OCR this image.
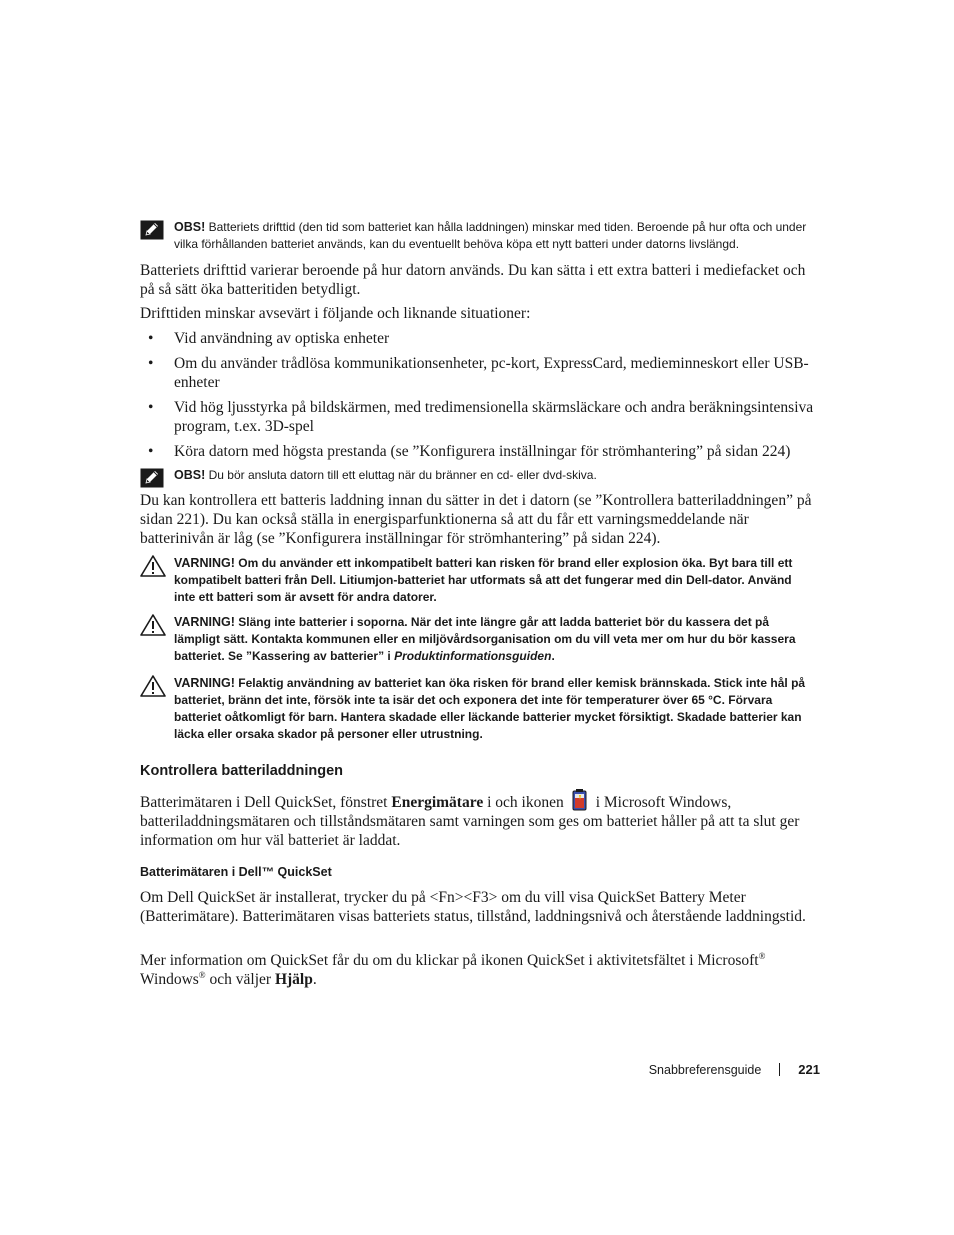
OBS! Batteriets drifttid (den tid som batteriet kan hålla laddningen) minskar med tiden. Beroende på hur ofta och under vilka förhållanden batteriet används, kan du eventuellt behöva köpa ett nytt batteri under datorns livslängd.
Batteriets drifttid varierar beroende på hur datorn används. Du kan sätta i ett extra batteri i mediefacket och på så sätt öka batteritiden betydligt.
Drifttiden minskar avsevärt i följande och liknande situationer:
• Vid användning av optiska enheter
• Om du använder trådlösa kommunikationsenheter, pc-kort, ExpressCard, medieminneskort eller USB-enheter
• Vid hög ljusstyrka på bildskärmen, med tredimensionella skärmsläckare och andra beräkningsintensiva program, t.ex. 3D-spel
• Köra datorn med högsta prestanda (se ”Konfigurera inställningar för strömhantering” på sidan 224)
OBS! Du bör ansluta datorn till ett eluttag när du bränner en cd- eller dvd-skiva.
Du kan kontrollera ett batteris laddning innan du sätter in det i datorn (se ”Kontrollera batteriladdningen” på sidan 221). Du kan också ställa in energisparfunktionerna så att du får ett varningsmeddelande när batterinivån är låg (se ”Konfigurera inställningar för strömhantering” på sidan 224).
VARNING! Om du använder ett inkompatibelt batteri kan risken för brand eller explosion öka. Byt bara till ett kompatibelt batteri från Dell. Litiumjon-batteriet har utformats så att det fungerar med din Dell-dator. Använd inte ett batteri som är avsett för andra datorer.
VARNING! Släng inte batterier i soporna. När det inte längre går att ladda batteriet bör du kassera det på lämpligt sätt. Kontakta kommunen eller en miljövårdsorganisation om du vill veta mer om hur du bör kassera batteriet. Se ”Kassering av batterier” i Produktinformationsguiden.
VARNING! Felaktig användning av batteriet kan öka risken för brand eller kemisk brännskada. Stick inte hål på batteriet, bränn det inte, försök inte ta isär det och exponera det inte för temperaturer över 65 °C. Förvara batteriet oåtkomligt för barn. Hantera skadade eller läckande batterier mycket försiktigt. Skadade batterier kan läcka eller orsaka skador på personer eller utrustning.
Kontrollera batteriladdningen
Batterimätaren i Dell QuickSet, fönstret Energimätare i och ikonen i Microsoft Windows, batteriladdningsmätaren och tillståndsmätaren samt varningen som ges om batteriet håller på att ta slut ger information om hur väl batteriet är laddat.
Batterimätaren i Dell™ QuickSet
Om Dell QuickSet är installerat, trycker du på <Fn><F3> om du vill visa QuickSet Battery Meter (Batterimätare). Batterimätaren visas batteriets status, tillstånd, laddningsnivå och återstående laddningstid.
Mer information om QuickSet får du om du klickar på ikonen QuickSet i aktivitetsfältet i Microsoft® Windows® och väljer Hjälp.
Snabbreferensguide	221
